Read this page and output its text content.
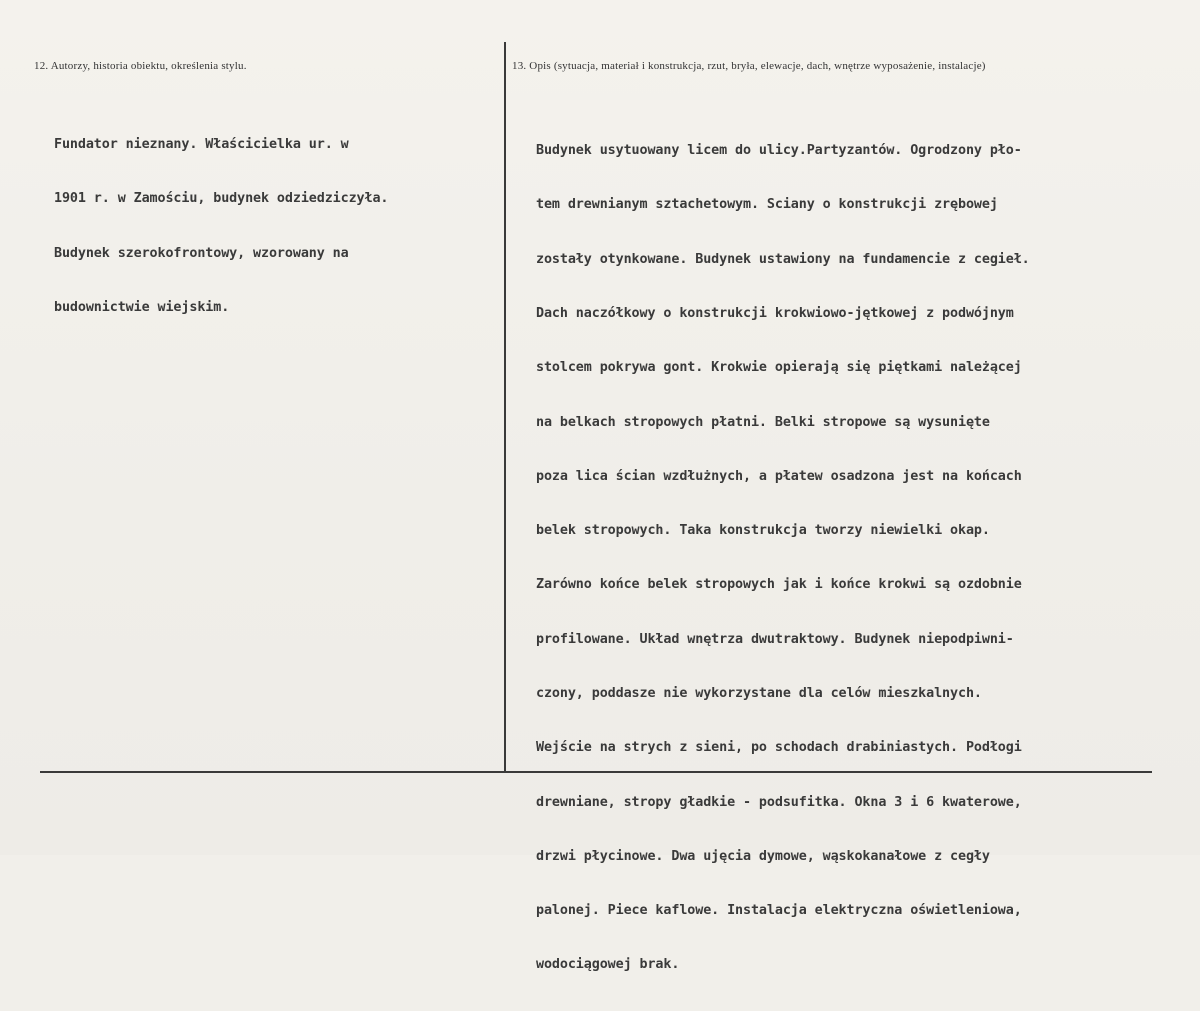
12. Autorzy, historia obiektu, określenia stylu.	13. Opis (sytuacja, materiał i konstrukcja, rzut, bryła, elewacje, dach, wnętrze wyposażenie, instalacje)

Fundator nieznany. Właścicielka ur. w

1901 r. w Zamościu, budynek odziedziczyła.

Budynek szerokofrontowy, wzorowany na

budownictwie wiejskim.

Budynek usytuowany licem do ulicy.Partyzantów. Ogrodzony pło-

tem drewnianym sztachetowym. Sciany o konstrukcji zrębowej

zostały otynkowane. Budynek ustawiony na fundamencie z cegieł.

Dach naczółkowy o konstrukcji krokwiowo-jętkowej z podwójnym

stolcem pokrywa gont. Krokwie opierają się piętkami należącej

na belkach stropowych płatni. Belki stropowe są wysunięte

poza lica ścian wzdłużnych, a płatew osadzona jest na końcach

belek stropowych. Taka konstrukcja tworzy niewielki okap.

Zarówno końce belek stropowych jak i końce krokwi są ozdobnie

profilowane. Układ wnętrza dwutraktowy. Budynek niepodpiwni-

czony, poddasze nie wykorzystane dla celów mieszkalnych.

Wejście na strych z sieni, po schodach drabiniastych. Podłogi

drewniane, stropy gładkie - podsufitka. Okna 3 i 6 kwaterowe,

drzwi płycinowe. Dwa ujęcia dymowe, wąskokanałowe z cegły

palonej. Piece kaflowe. Instalacja elektryczna oświetleniowa,

wodociągowej brak.
